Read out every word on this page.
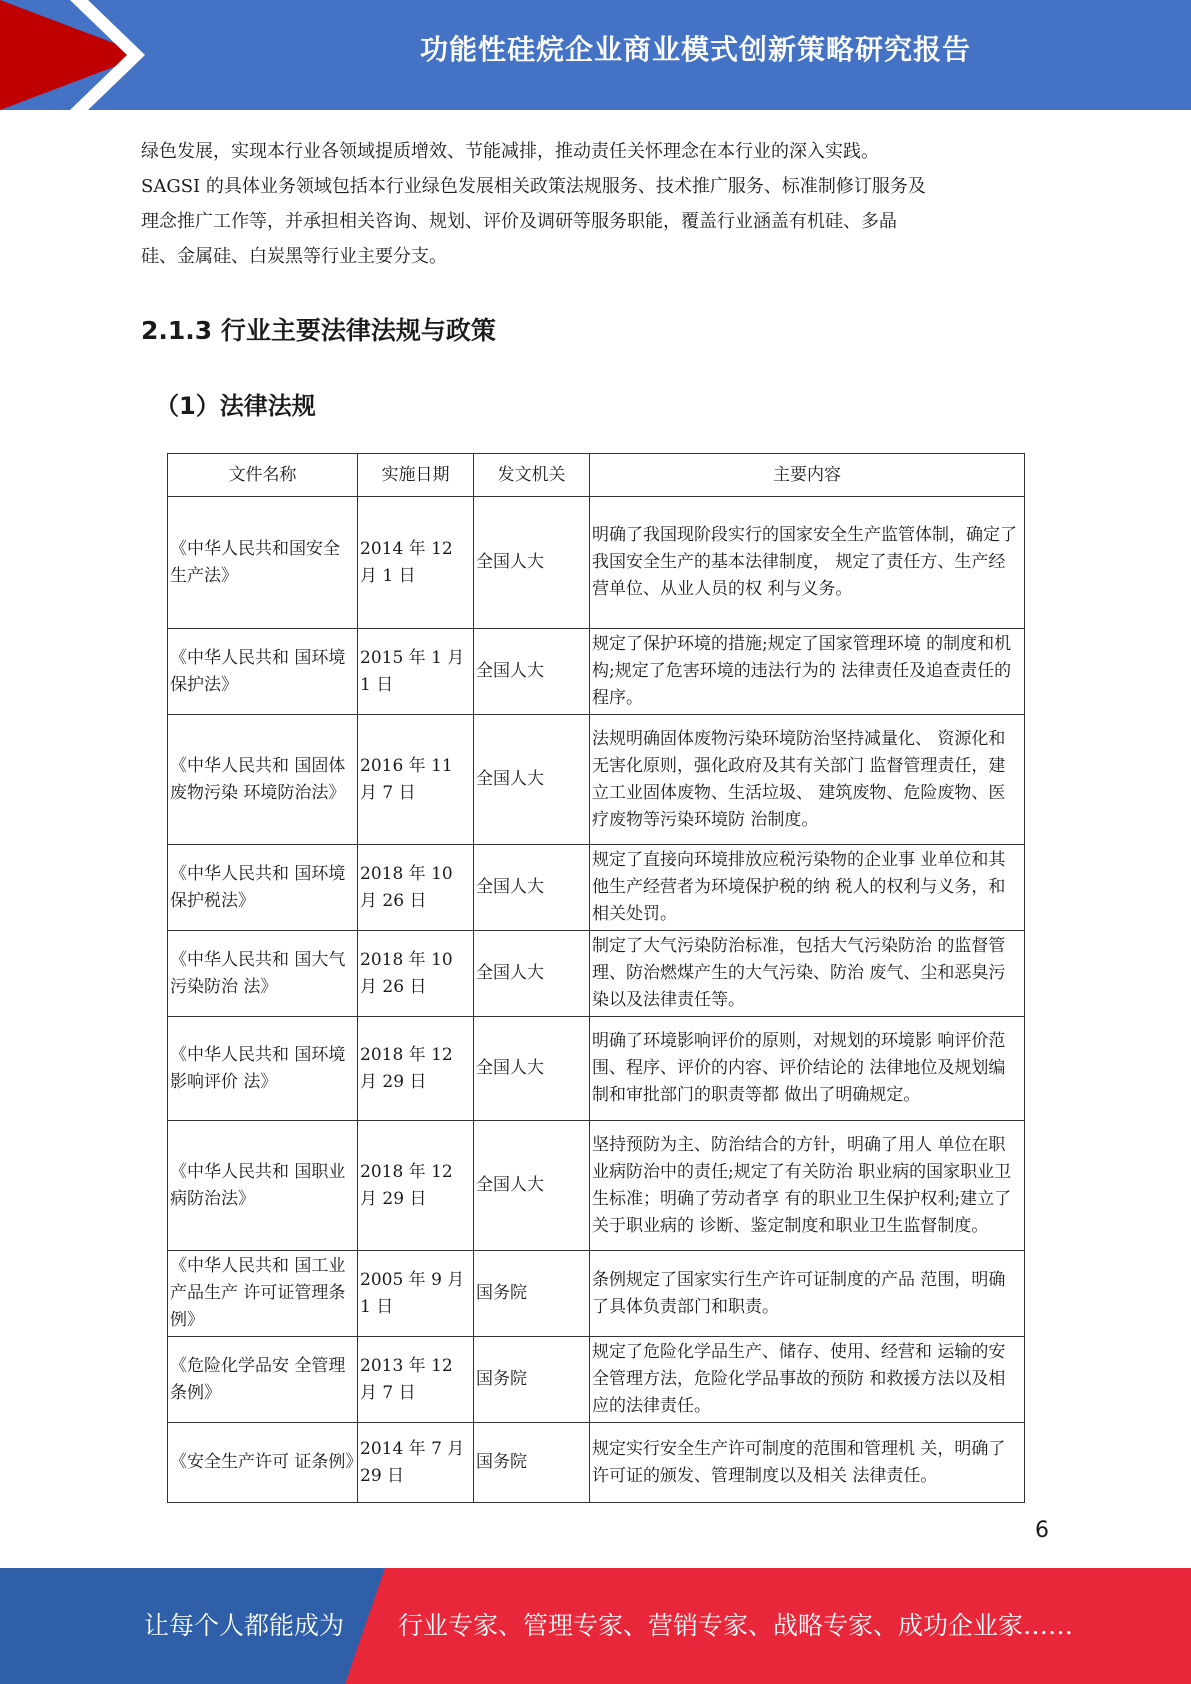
功能性硅烷企业商业模式创新策略研究报告

绿色发展，实现本行业各领域提质增效、节能减排，推动责任关怀理念在本行业的深入实践。

SAGSI 的具体业务领域包括本行业绿色发展相关政策法规服务、技术推广服务、标准制修订服务及

理念推广工作等，并承担相关咨询、规划、评价及调研等服务职能，覆盖行业涵盖有机硅、多晶

硅、金属硅、白炭黑等行业主要分支。

2.1.3 行业主要法律法规与政策
（1）法律法规
文件名称	实施日期	发文机关	主要内容
《中华人民共和国安全生产法》	2014 年 12 月 1 日	全国人大	明确了我国现阶段实行的国家安全生产监管体制，确定了我国安全生产的基本法律制度， 规定了责任方、生产经营单位、从业人员的权 利与义务。
《中华人民共和 国环境保护法》	2015 年 1 月 1 日	全国人大	规定了保护环境的措施;规定了国家管理环境 的制度和机构;规定了危害环境的违法行为的 法律责任及追查责任的程序。
《中华人民共和 国固体废物污染 环境防治法》	2016 年 11 月 7 日	全国人大	法规明确固体废物污染环境防治坚持减量化、 资源化和无害化原则，强化政府及其有关部门 监督管理责任，建立工业固体废物、生活垃圾、 建筑废物、危险废物、医疗废物等污染环境防 治制度。
《中华人民共和 国环境保护税法》	2018 年 10 月 26 日	全国人大	规定了直接向环境排放应税污染物的企业事 业单位和其他生产经营者为环境保护税的纳 税人的权利与义务，和相关处罚。
《中华人民共和 国大气污染防治 法》	2018 年 10 月 26 日	全国人大	制定了大气污染防治标准，包括大气污染防治 的监督管理、防治燃煤产生的大气污染、防治 废气、尘和恶臭污染以及法律责任等。
《中华人民共和 国环境影响评价 法》	2018 年 12 月 29 日	全国人大	明确了环境影响评价的原则，对规划的环境影 响评价范围、程序、评价的内容、评价结论的 法律地位及规划编制和审批部门的职责等都 做出了明确规定。
《中华人民共和 国职业病防治法》	2018 年 12 月 29 日	全国人大	坚持预防为主、防治结合的方针，明确了用人 单位在职业病防治中的责任;规定了有关防治 职业病的国家职业卫生标准；明确了劳动者享 有的职业卫生保护权利;建立了关于职业病的 诊断、鉴定制度和职业卫生监督制度。
《中华人民共和 国工业产品生产 许可证管理条例》	2005 年 9 月 1 日	国务院	条例规定了国家实行生产许可证制度的产品 范围，明确了具体负责部门和职责。
《危险化学品安 全管理条例》	2013 年 12 月 7 日	国务院	规定了危险化学品生产、储存、使用、经营和 运输的安全管理方法，危险化学品事故的预防 和救援方法以及相应的法律责任。
《安全生产许可 证条例》	2014 年 7 月 29 日	国务院	规定实行安全生产许可制度的范围和管理机 关，明确了许可证的颁发、管理制度以及相关 法律责任。
6
让每个人都能成为 行业专家、管理专家、营销专家、战略专家、成功企业家……
